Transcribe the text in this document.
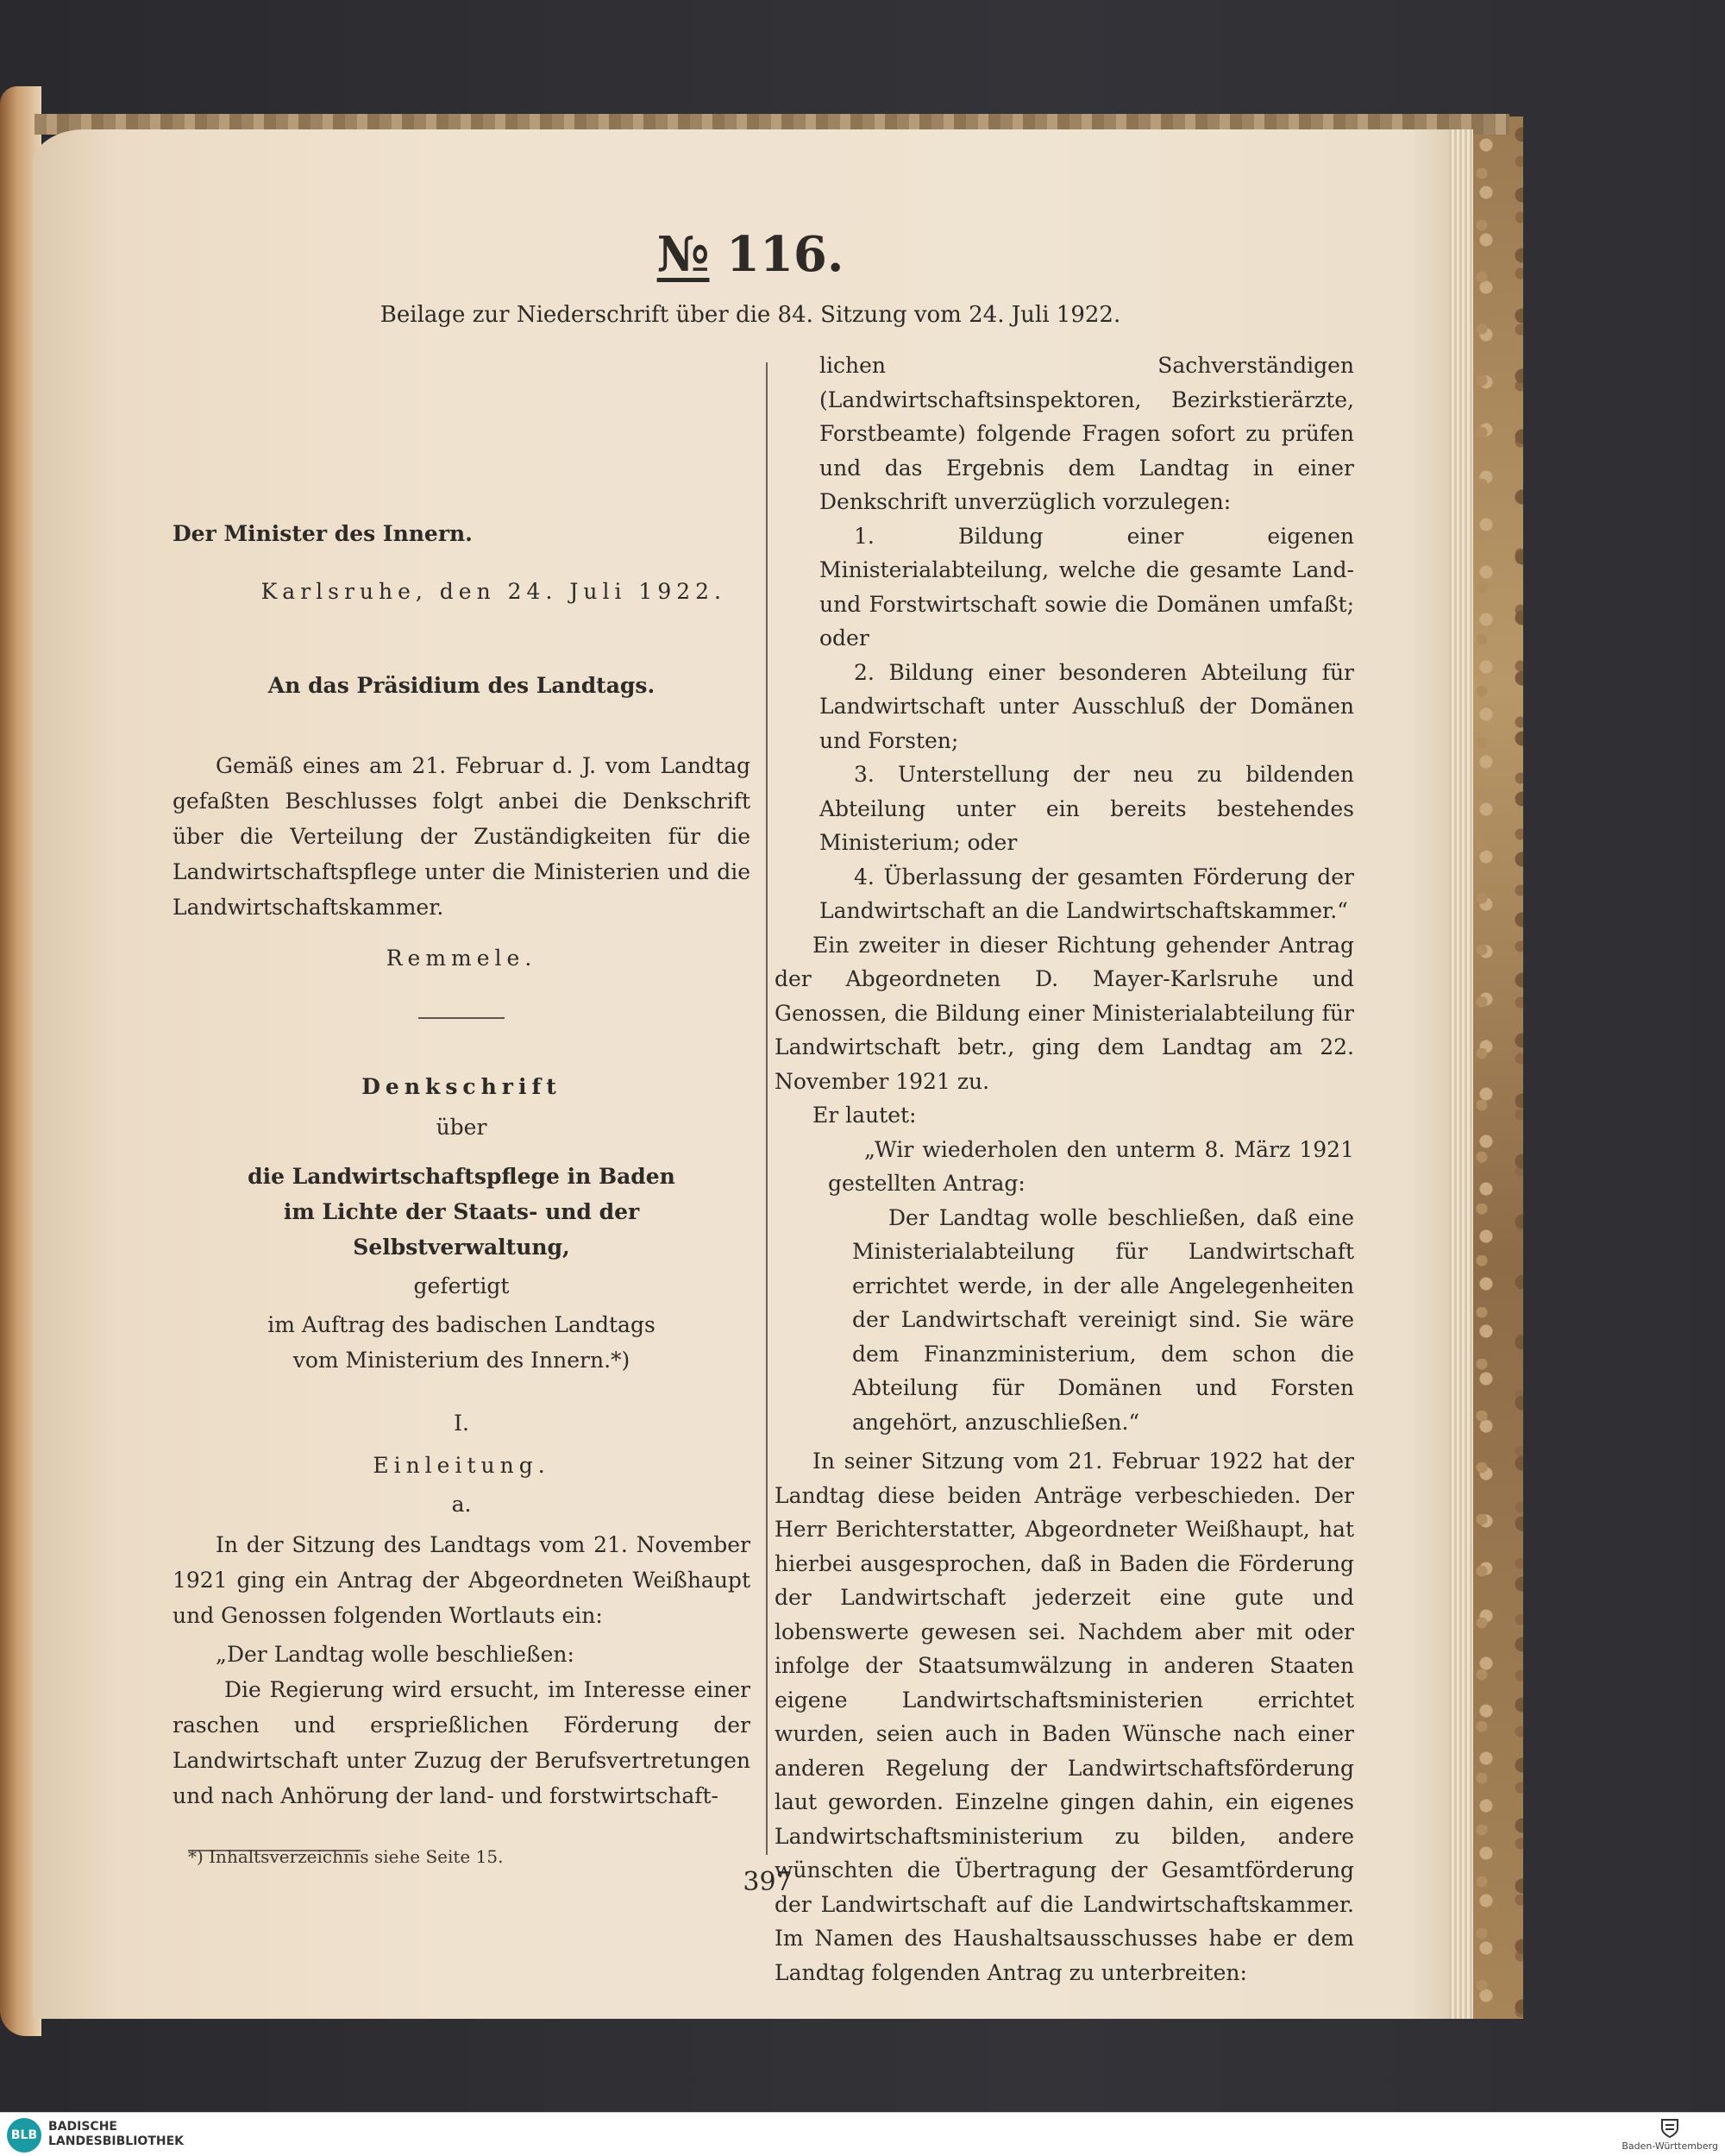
№ 116.
Beilage zur Niederschrift über die 84. Sitzung vom 24. Juli 1922.

Der Minister des Innern.

Karlsruhe, den 24. Juli 1922.

An das Präsidium des Landtags.

Gemäß eines am 21. Februar d. J. vom Landtag gefaßten Beschlusses folgt anbei die Denkschrift über die Verteilung der Zuständigkeiten für die Landwirtschaftspflege unter die Ministerien und die Landwirtschaftskammer.

Remmele.

Denkschrift

über

die Landwirtschaftspflege in Baden

im Lichte der Staats- und der Selbstverwaltung,

gefertigt

im Auftrag des badischen Landtags

vom Ministerium des Innern.*)

I.

Einleitung.

a.

In der Sitzung des Landtags vom 21. November 1921 ging ein Antrag der Abgeordneten Weißhaupt und Genossen folgenden Wortlauts ein:

„Der Landtag wolle beschließen:

Die Regierung wird ersucht, im Interesse einer raschen und ersprießlichen Förderung der Landwirtschaft unter Zuzug der Berufsvertretungen und nach Anhörung der land- und forstwirtschaft-

*) Inhaltsverzeichnis siehe Seite 15.

lichen Sachverständigen (Landwirtschaftsinspektoren, Bezirkstierärzte, Forstbeamte) folgende Fragen sofort zu prüfen und das Ergebnis dem Landtag in einer Denkschrift unverzüglich vorzulegen:

1. Bildung einer eigenen Ministerialabteilung, welche die gesamte Land- und Forstwirtschaft sowie die Domänen umfaßt; oder

2. Bildung einer besonderen Abteilung für Landwirtschaft unter Ausschluß der Domänen und Forsten;

3. Unterstellung der neu zu bildenden Abteilung unter ein bereits bestehendes Ministerium; oder

4. Überlassung der gesamten Förderung der Landwirtschaft an die Landwirtschaftskammer.“

Ein zweiter in dieser Richtung gehender Antrag der Abgeordneten D. Mayer-Karlsruhe und Genossen, die Bildung einer Ministerialabteilung für Landwirtschaft betr., ging dem Landtag am 22. November 1921 zu.

Er lautet:

„Wir wiederholen den unterm 8. März 1921 gestellten Antrag:

Der Landtag wolle beschließen, daß eine Ministerialabteilung für Landwirtschaft errichtet werde, in der alle Angelegenheiten der Landwirtschaft vereinigt sind. Sie wäre dem Finanzministerium, dem schon die Abteilung für Domänen und Forsten angehört, anzuschließen.“

In seiner Sitzung vom 21. Februar 1922 hat der Landtag diese beiden Anträge verbeschieden. Der Herr Berichterstatter, Abgeordneter Weißhaupt, hat hierbei ausgesprochen, daß in Baden die Förderung der Landwirtschaft jederzeit eine gute und lobenswerte gewesen sei. Nachdem aber mit oder infolge der Staatsumwälzung in anderen Staaten eigene Landwirtschaftsministerien errichtet wurden, seien auch in Baden Wünsche nach einer anderen Regelung der Landwirtschaftsförderung laut geworden. Einzelne gingen dahin, ein eigenes Landwirtschaftsministerium zu bilden, andere wünschten die Übertragung der Gesamtförderung der Landwirtschaft auf die Landwirtschaftskammer. Im Namen des Haushaltsausschusses habe er dem Landtag folgenden Antrag zu unterbreiten:

397
BLB
BADISCHE
LANDESBIBLIOTHEK	Baden-Württemberg
